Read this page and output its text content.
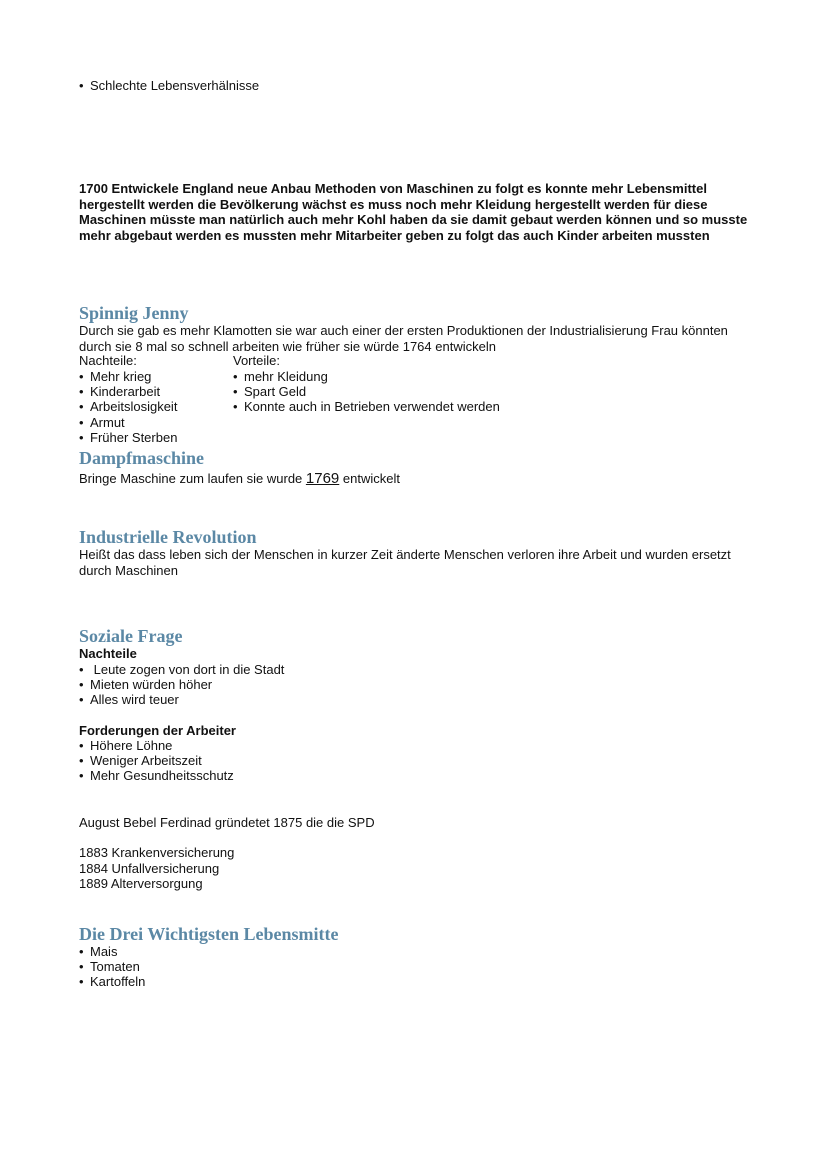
• Schlechte Lebensverhälnisse
1700 Entwickele England neue Anbau Methoden von Maschinen zu folgt es konnte mehr Lebensmittel hergestellt werden die Bevölkerung wächst es muss noch mehr Kleidung hergestellt werden für diese Maschinen müsste man natürlich auch mehr Kohl haben da sie damit gebaut werden können und so musste mehr abgebaut werden es mussten mehr Mitarbeiter geben zu folgt das auch Kinder arbeiten mussten
Spinnig Jenny
Durch sie gab es mehr Klamotten sie war auch einer der ersten Produktionen der Industrialisierung Frau könnten durch sie 8 mal so schnell arbeiten wie früher sie würde 1764 entwickeln
Nachteile:
• Mehr krieg
• Kinderarbeit
• Arbeitslosigkeit
• Armut
• Früher Sterben
Vorteile:
• mehr Kleidung
• Spart Geld
• Konnte auch in Betrieben verwendet werden
Dampfmaschine
Bringe Maschine zum laufen sie wurde 1769 entwickelt
Industrielle Revolution
Heißt das dass leben sich der Menschen in kurzer Zeit änderte Menschen verloren ihre Arbeit und wurden ersetzt durch Maschinen
Soziale Frage
Nachteile
• Leute zogen von dort in die Stadt
• Mieten würden höher
• Alles wird teuer
Forderungen der Arbeiter
• Höhere Löhne
• Weniger Arbeitszeit
• Mehr Gesundheitsschutz
August Bebel Ferdinad gründetet 1875 die die SPD
1883 Krankenversicherung
1884 Unfallversicherung
1889 Alterversorgung
Die Drei Wichtigsten Lebensmitte
• Mais
• Tomaten
• Kartoffeln
